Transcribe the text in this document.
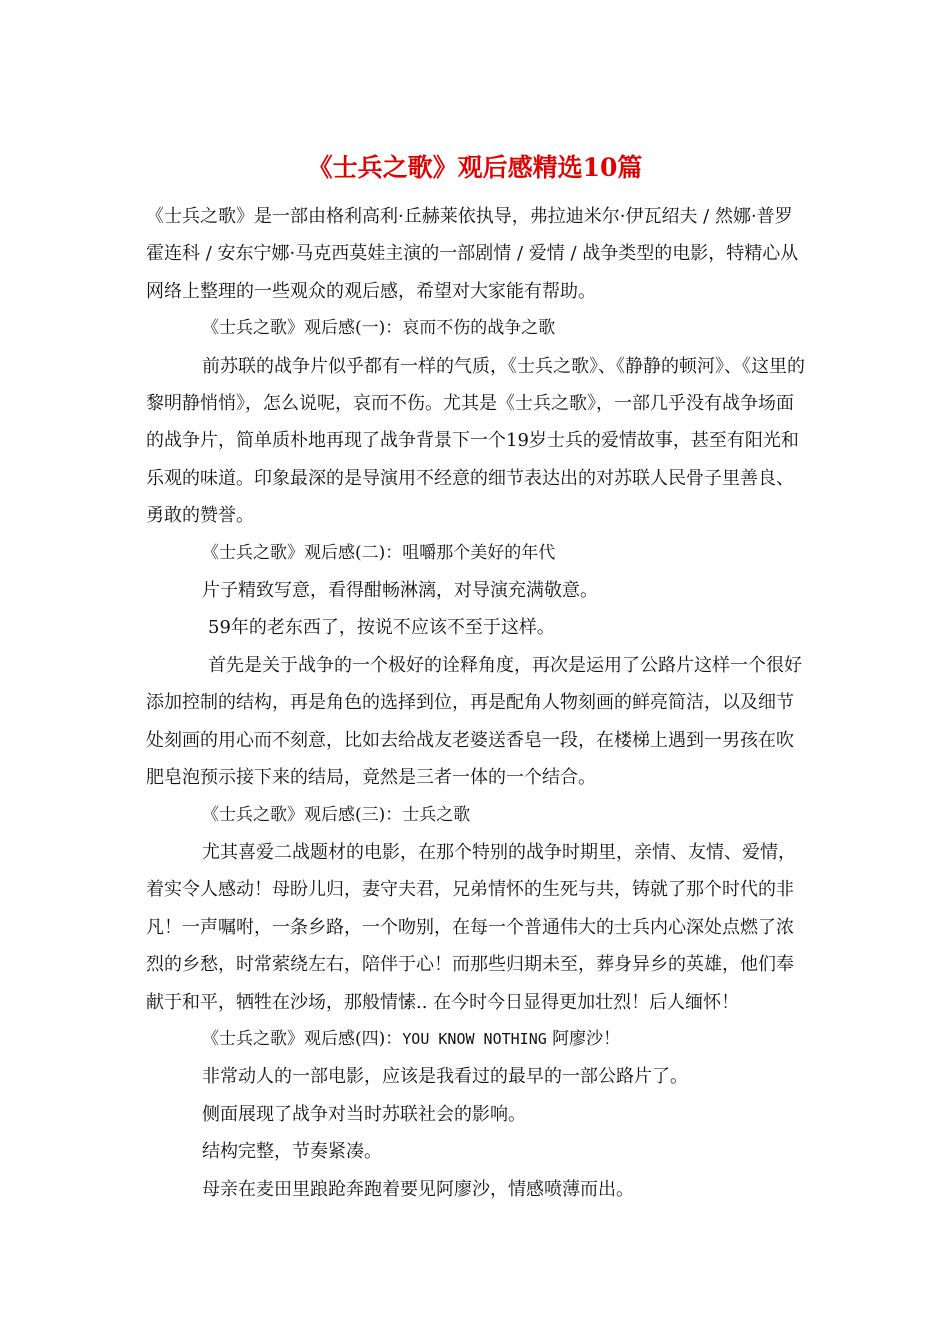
《士兵之歌》观后感精选10篇

《士兵之歌》是一部由格利高利·丘赫莱依执导，弗拉迪米尔·伊瓦绍夫 / 然娜·普罗霍连科 / 安东宁娜·马克西莫娃主演的一部剧情 / 爱情 / 战争类型的电影，特精心从网络上整理的一些观众的观后感，希望对大家能有帮助。

《士兵之歌》观后感(一)：哀而不伤的战争之歌

前苏联的战争片似乎都有一样的气质，《士兵之歌》、《静静的顿河》、《这里的黎明静悄悄》，怎么说呢，哀而不伤。尤其是《士兵之歌》，一部几乎没有战争场面的战争片，简单质朴地再现了战争背景下一个19岁士兵的爱情故事，甚至有阳光和乐观的味道。印象最深的是导演用不经意的细节表达出的对苏联人民骨子里善良、勇敢的赞誉。

《士兵之歌》观后感(二)：咀嚼那个美好的年代

片子精致写意，看得酣畅淋漓，对导演充满敬意。

59年的老东西了，按说不应该不至于这样。

首先是关于战争的一个极好的诠释角度，再次是运用了公路片这样一个很好添加控制的结构，再是角色的选择到位，再是配角人物刻画的鲜亮简洁，以及细节处刻画的用心而不刻意，比如去给战友老婆送香皂一段，在楼梯上遇到一男孩在吹肥皂泡预示接下来的结局，竟然是三者一体的一个结合。

《士兵之歌》观后感(三)：士兵之歌

尤其喜爱二战题材的电影，在那个特别的战争时期里，亲情、友情、爱情，着实令人感动！母盼儿归，妻守夫君，兄弟情怀的生死与共，铸就了那个时代的非凡！一声嘱咐，一条乡路，一个吻别，在每一个普通伟大的士兵内心深处点燃了浓烈的乡愁，时常萦绕左右，陪伴于心！而那些归期未至，葬身异乡的英雄，他们奉献于和平，牺牲在沙场，那般情愫.. 在今时今日显得更加壮烈！后人缅怀！

《士兵之歌》观后感(四)：YOU KNOW NOTHING 阿廖沙！

非常动人的一部电影，应该是我看过的最早的一部公路片了。

侧面展现了战争对当时苏联社会的影响。

结构完整，节奏紧凑。

母亲在麦田里踉跄奔跑着要见阿廖沙，情感喷薄而出。
